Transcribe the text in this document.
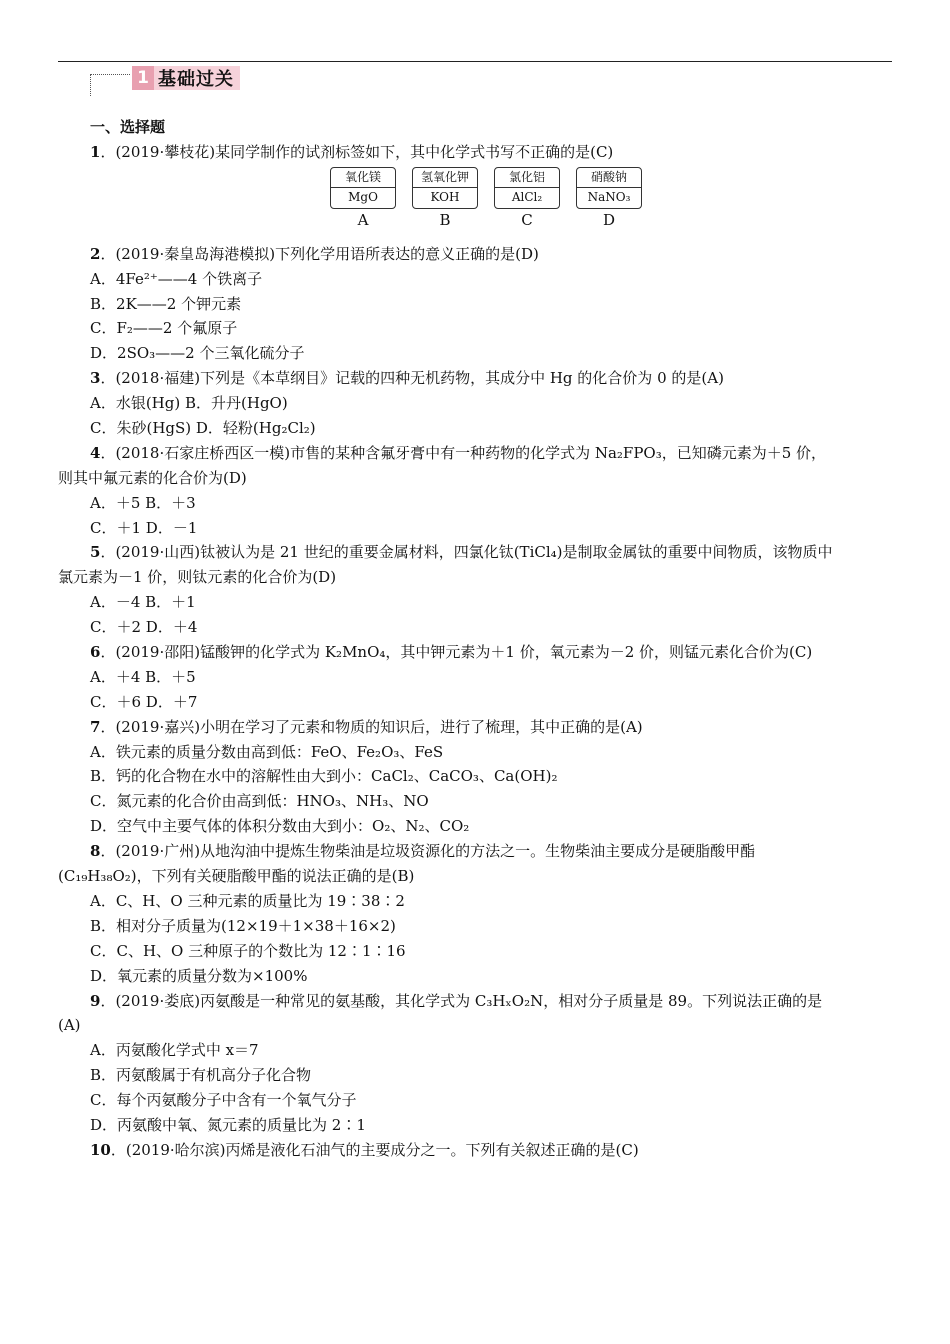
1 基础过关
一、选择题
1．(2019·攀枝花)某同学制作的试剂标签如下，其中化学式书写不正确的是(C)
氧化镁
MgO
A
氢氧化钾
KOH
B
氯化铝
AlCl₂
C
硝酸钠
NaNO₃
D
2．(2019·秦皇岛海港模拟)下列化学用语所表达的意义正确的是(D)
A．4Fe²⁺——4 个铁离子
B．2K——2 个钾元素
C．F₂——2 个氟原子
D．2SO₃——2 个三氧化硫分子
3．(2018·福建)下列是《本草纲目》记载的四种无机药物，其成分中 Hg 的化合价为 0 的是(A)
A．水银(Hg) B．升丹(HgO)
C．朱砂(HgS) D．轻粉(Hg₂Cl₂)
4．(2018·石家庄桥西区一模)市售的某种含氟牙膏中有一种药物的化学式为 Na₂FPO₃，已知磷元素为＋5 价，
则其中氟元素的化合价为(D)
A．＋5 B．＋3
C．＋1 D．－1
5．(2019·山西)钛被认为是 21 世纪的重要金属材料，四氯化钛(TiCl₄)是制取金属钛的重要中间物质，该物质中
氯元素为－1 价，则钛元素的化合价为(D)
A．－4 B．＋1
C．＋2 D．＋4
6．(2019·邵阳)锰酸钾的化学式为 K₂MnO₄，其中钾元素为＋1 价，氧元素为－2 价，则锰元素化合价为(C)
A．＋4 B．＋5
C．＋6 D．＋7
7．(2019·嘉兴)小明在学习了元素和物质的知识后，进行了梳理，其中正确的是(A)
A．铁元素的质量分数由高到低：FeO、Fe₂O₃、FeS
B．钙的化合物在水中的溶解性由大到小：CaCl₂、CaCO₃、Ca(OH)₂
C．氮元素的化合价由高到低：HNO₃、NH₃、NO
D．空气中主要气体的体积分数由大到小：O₂、N₂、CO₂
8．(2019·广州)从地沟油中提炼生物柴油是垃圾资源化的方法之一。生物柴油主要成分是硬脂酸甲酯
(C₁₉H₃₈O₂)，下列有关硬脂酸甲酯的说法正确的是(B)
A．C、H、O 三种元素的质量比为 19∶38∶2
B．相对分子质量为(12×19＋1×38＋16×2)
C．C、H、O 三种原子的个数比为 12∶1∶16
D．氧元素的质量分数为×100%
9．(2019·娄底)丙氨酸是一种常见的氨基酸，其化学式为 C₃HₓO₂N，相对分子质量是 89。下列说法正确的是
(A)
A．丙氨酸化学式中 x＝7
B．丙氨酸属于有机高分子化合物
C．每个丙氨酸分子中含有一个氧气分子
D．丙氨酸中氧、氮元素的质量比为 2∶1
10．(2019·哈尔滨)丙烯是液化石油气的主要成分之一。下列有关叙述正确的是(C)
